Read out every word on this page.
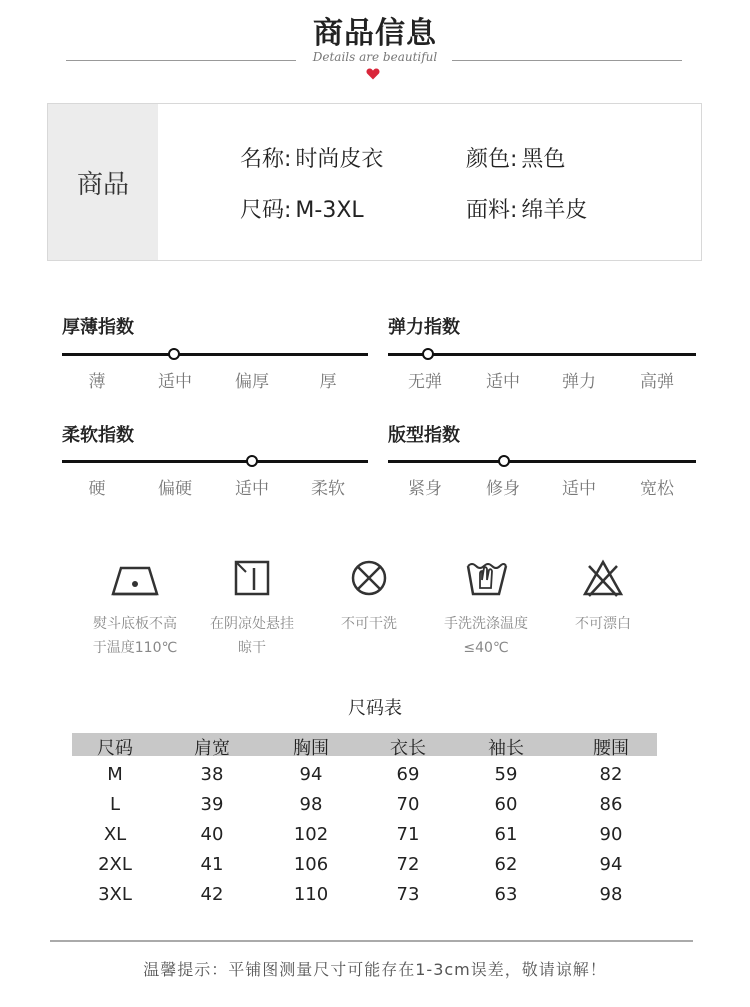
商品信息
Details are beautiful
商品
名称: 时尚皮衣	颜色: 黑色
尺码: M-3XL	面料: 绵羊皮
厚薄指数
薄	适中	偏厚	厚
弹力指数
无弹	适中	弹力	高弹
柔软指数
硬	偏硬	适中	柔软
版型指数
紧身	修身	适中	宽松
熨斗底板不高
于温度110℃
在阴凉处悬挂
晾干
不可干洗	手洗洗涤温度
≤40℃
不可漂白
尺码表
尺码	肩宽	胸围	衣长	袖长	腰围
M	38	94	69	59	82
L	39	98	70	60	86
XL	40	102	71	61	90
2XL	41	106	72	62	94
3XL	42	110	73	63	98
温馨提示：平铺图测量尺寸可能存在1-3cm误差，敬请谅解！
